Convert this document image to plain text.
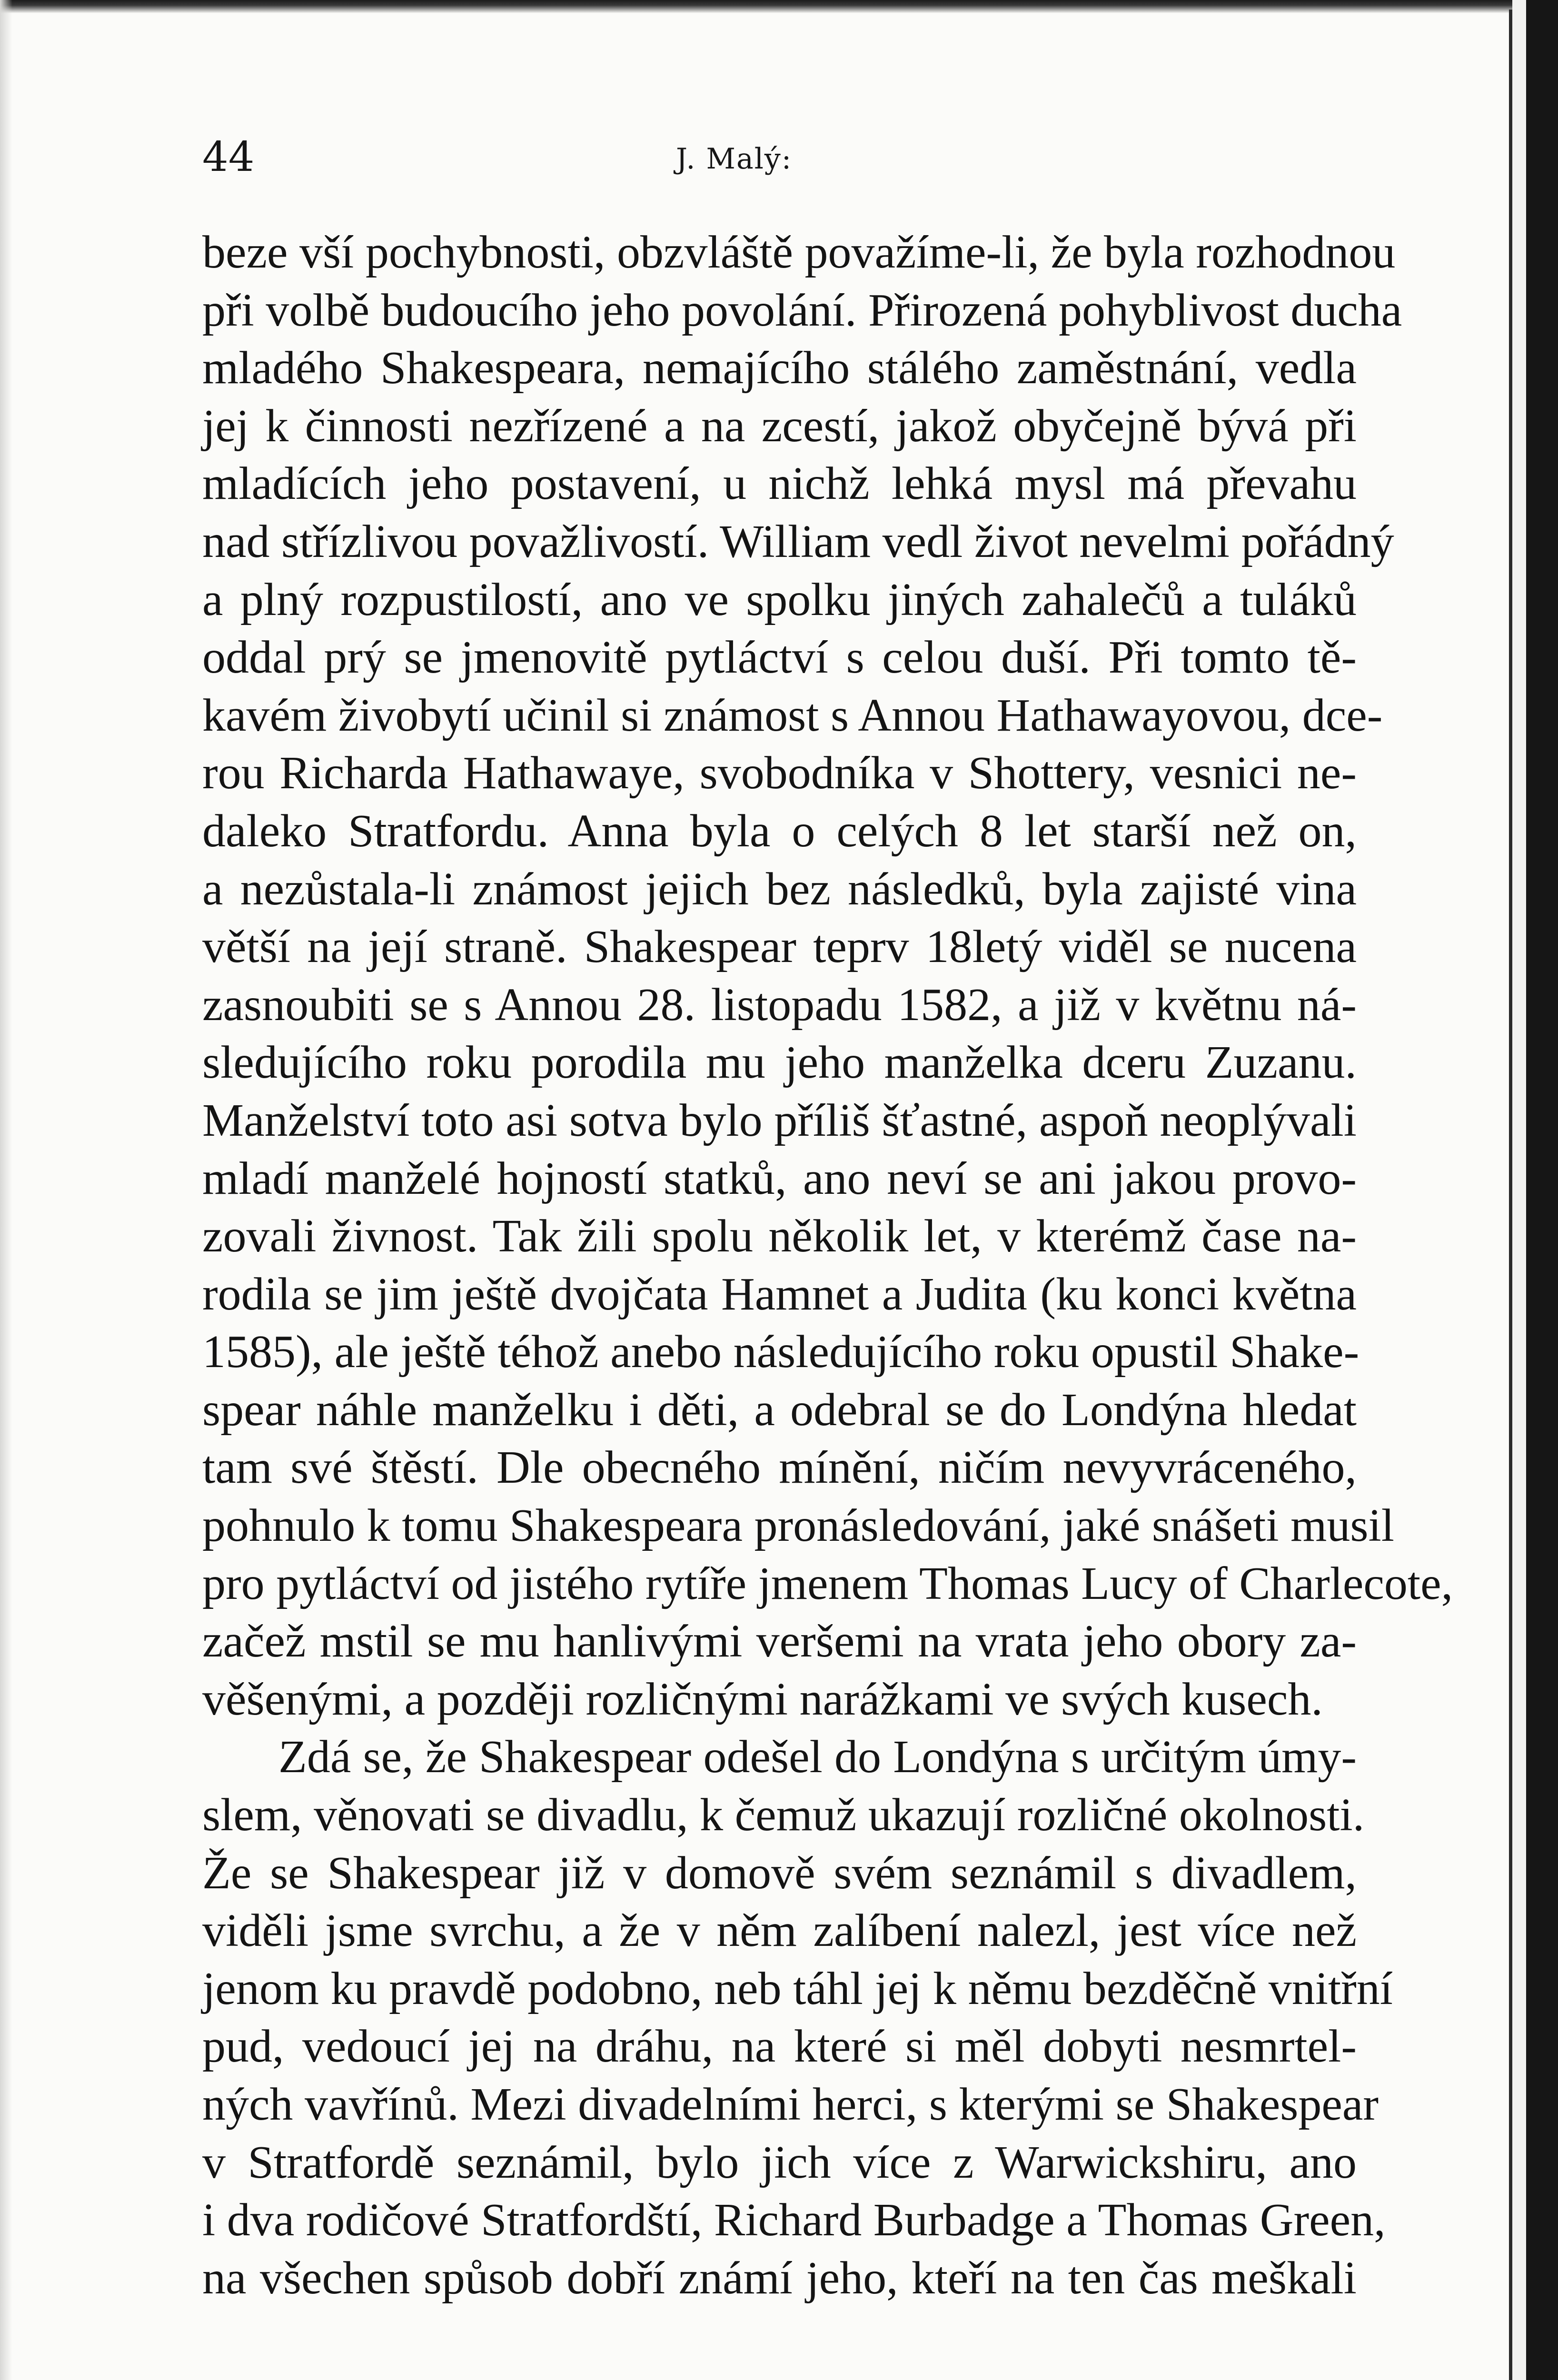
44	J. Malý:
beze vší pochybnosti, obzvláště považíme-li, že byla rozhodnou
při volbě budoucího jeho povolání. Přirozená pohyblivost ducha
mladého Shakespeara, nemajícího stálého zaměstnání, vedla
jej k činnosti nezřízené a na zcestí, jakož obyčejně bývá při
mladících jeho postavení, u nichž lehká mysl má převahu
nad střízlivou považlivostí. William vedl život nevelmi pořádný
a plný rozpustilostí, ano ve spolku jiných zahalečů a tuláků
oddal prý se jmenovitě pytláctví s celou duší. Při tomto tě-
kavém živobytí učinil si známost s Annou Hathawayovou, dce-
rou Richarda Hathawaye, svobodníka v Shottery, vesnici ne-
daleko Stratfordu. Anna byla o celých 8 let starší než on,
a nezůstala-li známost jejich bez následků, byla zajisté vina
větší na její straně. Shakespear teprv 18letý viděl se nucena
zasnoubiti se s Annou 28. listopadu 1582, a již v květnu ná-
sledujícího roku porodila mu jeho manželka dceru Zuzanu.
Manželství toto asi sotva bylo příliš šťastné, aspoň neoplývali
mladí manželé hojností statků, ano neví se ani jakou provo-
zovali živnost. Tak žili spolu několik let, v kterémž čase na-
rodila se jim ještě dvojčata Hamnet a Judita (ku konci května
1585), ale ještě téhož anebo následujícího roku opustil Shake-
spear náhle manželku i děti, a odebral se do Londýna hledat
tam své štěstí. Dle obecného mínění, ničím nevyvráceného,
pohnulo k tomu Shakespeara pronásledování, jaké snášeti musil
pro pytláctví od jistého rytíře jmenem Thomas Lucy of Charlecote,
začež mstil se mu hanlivými veršemi na vrata jeho obory za-
věšenými, a později rozličnými narážkami ve svých kusech.
Zdá se, že Shakespear odešel do Londýna s určitým úmy-
slem, věnovati se divadlu, k čemuž ukazují rozličné okolnosti.
Že se Shakespear již v domově svém seznámil s divadlem,
viděli jsme svrchu, a že v něm zalíbení nalezl, jest více než
jenom ku pravdě podobno, neb táhl jej k němu bezděčně vnitřní
pud, vedoucí jej na dráhu, na které si měl dobyti nesmrtel-
ných vavřínů. Mezi divadelními herci, s kterými se Shakespear
v Stratfordě seznámil, bylo jich více z Warwickshiru, ano
i dva rodičové Stratfordští, Richard Burbadge a Thomas Green,
na všechen spůsob dobří známí jeho, kteří na ten čas meškali
